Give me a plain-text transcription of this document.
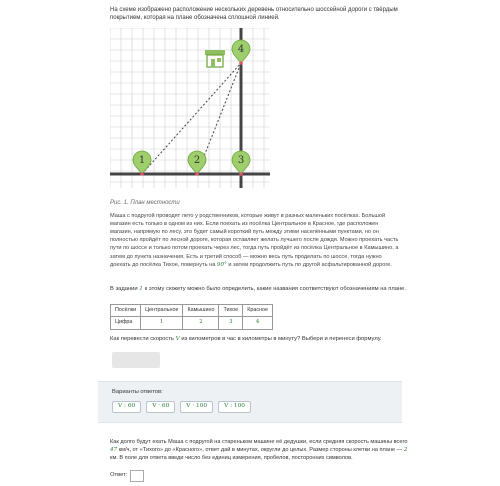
На схеме изображено расположение нескольких деревень относительно шоссейной дороги с твёрдым покрытием, которая на плане обозначена сплошной линией.

1	2	3
4

Рис. 1. План местности

Маша с подругой проводят лето у родственников, которые живут в разных маленьких посёлках. Большой магазин есть только в одном из них. Если поехать из посёлка Центральное в Красное, где расположен магазин, напрямую по лесу, это будет самый короткий путь между этими населёнными пунктами, но он полностью пройдёт по лесной дороге, которая оставляет желать лучшего после дождя. Можно проехать часть пути по шоссе и только потом проехать через лес, тогда путь пройдёт из посёлка Центральное в Камышино, а затем до пункта назначения. Есть и третий способ — можно весь путь проделать по шоссе, тогда нужно доехать до посёлка Тихое, повернуть на 90° и затем продолжить путь по другой асфальтированной дороге.

В задании 1 к этому сюжету можно было определить, какие названия соответствуют обозначениям на плане.

Посёлки	Центральное	Камышино	Тихое	Красное
Цифра	1	2	3	4

Как перевести скорость V из километров в час в километры в минуту? Выбери и перенеси формулу.

Варианты ответов:
V : 60	V · 60	V · 100	V : 100

Как долго будут ехать Маша с подругой на стареньком машине её дедушки, если средняя скорость машины всего 47 км/ч, от «Тихого» до «Красного», ответ дай в минутах, округли до целых. Размер стороны клетки на плане — 2 км. В поле для ответа введи число без единиц измерения, пробелов, посторонних символов.

Ответ:
